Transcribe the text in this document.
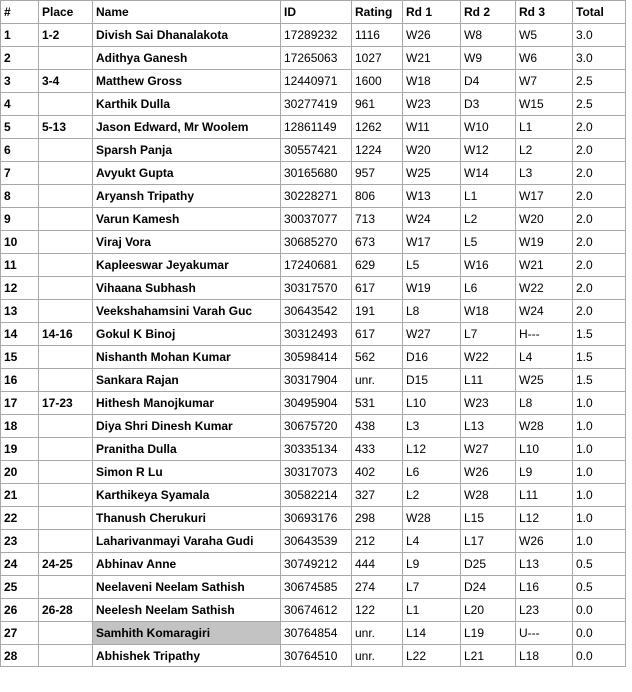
#	Place	Name	ID	Rating	Rd 1	Rd 2	Rd 3	Total
1	1-2	Divish Sai Dhanalakota	17289232	1116	W26	W8	W5	3.0
2		Adithya Ganesh	17265063	1027	W21	W9	W6	3.0
3	3-4	Matthew Gross	12440971	1600	W18	D4	W7	2.5
4		Karthik Dulla	30277419	961	W23	D3	W15	2.5
5	5-13	Jason Edward, Mr Woolem	12861149	1262	W11	W10	L1	2.0
6		Sparsh Panja	30557421	1224	W20	W12	L2	2.0
7		Avyukt Gupta	30165680	957	W25	W14	L3	2.0
8		Aryansh Tripathy	30228271	806	W13	L1	W17	2.0
9		Varun Kamesh	30037077	713	W24	L2	W20	2.0
10		Viraj Vora	30685270	673	W17	L5	W19	2.0
11		Kapleeswar Jeyakumar	17240681	629	L5	W16	W21	2.0
12		Vihaana Subhash	30317570	617	W19	L6	W22	2.0
13		Veekshahamsini Varah Guc	30643542	191	L8	W18	W24	2.0
14	14-16	Gokul K Binoj	30312493	617	W27	L7	H---	1.5
15		Nishanth Mohan Kumar	30598414	562	D16	W22	L4	1.5
16		Sankara Rajan	30317904	unr.	D15	L11	W25	1.5
17	17-23	Hithesh Manojkumar	30495904	531	L10	W23	L8	1.0
18		Diya Shri Dinesh Kumar	30675720	438	L3	L13	W28	1.0
19		Pranitha Dulla	30335134	433	L12	W27	L10	1.0
20		Simon R Lu	30317073	402	L6	W26	L9	1.0
21		Karthikeya Syamala	30582214	327	L2	W28	L11	1.0
22		Thanush Cherukuri	30693176	298	W28	L15	L12	1.0
23		Laharivanmayi Varaha Gudi	30643539	212	L4	L17	W26	1.0
24	24-25	Abhinav Anne	30749212	444	L9	D25	L13	0.5
25		Neelaveni Neelam Sathish	30674585	274	L7	D24	L16	0.5
26	26-28	Neelesh Neelam Sathish	30674612	122	L1	L20	L23	0.0
27		Samhith Komaragiri	30764854	unr.	L14	L19	U---	0.0
28		Abhishek Tripathy	30764510	unr.	L22	L21	L18	0.0
